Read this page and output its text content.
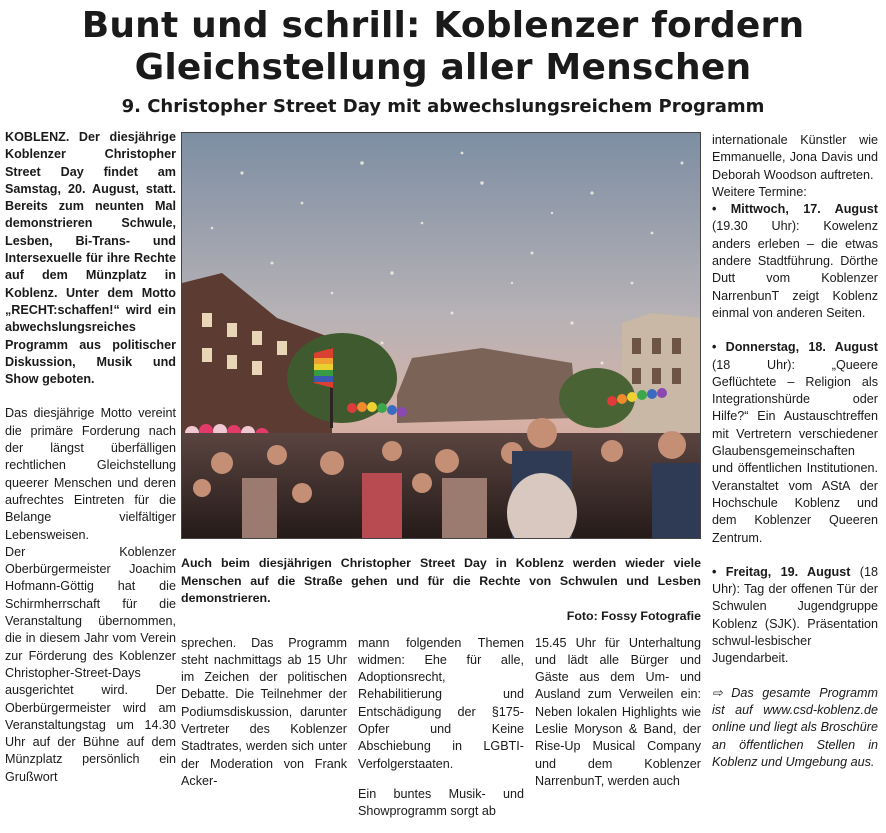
Bunt und schrill: Koblenzer fordern
Gleichstellung aller Menschen
9. Christopher Street Day mit abwechslungsreichem Programm

KOBLENZ. Der diesjährige Koblenzer Christopher Street Day findet am Samstag, 20. August, statt. Bereits zum neunten Mal demonstrieren Schwule, Lesben, Bi-Trans- und Intersexuelle für ihre Rechte auf dem Münzplatz in Koblenz. Unter dem Motto „RECHT:schaffen!“ wird ein abwechslungsreiches Programm aus politischer Diskussion, Musik und Show geboten.

Das diesjährige Motto vereint die primäre Forderung nach der längst überfälligen rechtlichen Gleichstellung queerer Menschen und deren aufrechtes Eintreten für die Belange vielfältiger Lebensweisen.

Der Koblenzer Oberbürgermeister Joachim Hofmann-Göttig hat die Schirmherrschaft für die Veranstaltung übernommen, die in diesem Jahr vom Verein zur Förderung des Koblenzer Christopher-Street-Days ausgerichtet wird. Der Oberbürgermeister wird am Veranstaltungstag um 14.30 Uhr auf der Bühne auf dem Münzplatz persönlich ein Grußwort

Auch beim diesjährigen Christopher Street Day in Koblenz werden wieder viele Menschen auf die Straße gehen und für die Rechte von Schwulen und Lesben demonstrieren.
Foto: Fossy Fotografie

sprechen. Das Programm steht nachmittags ab 15 Uhr im Zeichen der politischen Debatte. Die Teilnehmer der Podiumsdiskussion, darunter Vertreter des Koblenzer Stadtrates, werden sich unter der Moderation von Frank Acker-

mann folgenden Themen widmen: Ehe für alle, Adoptionsrecht, Rehabilitierung und Entschädigung der §175-Opfer und Keine Abschiebung in LGBTI-Verfolgerstaaten.

Ein buntes Musik- und Showprogramm sorgt ab

15.45 Uhr für Unterhaltung und lädt alle Bürger und Gäste aus dem Um- und Ausland zum Verweilen ein: Neben lokalen Highlights wie Leslie Moryson & Band, der Rise-Up Musical Company und dem Koblenzer NarrenbunT, werden auch

internationale Künstler wie Emmanuelle, Jona Davis und Deborah Woodson auftreten.

Weitere Termine:

• Mittwoch, 17. August (19.30 Uhr): Kowelenz anders erleben – die etwas andere Stadtführung. Dörthe Dutt vom Koblenzer NarrenbunT zeigt Koblenz einmal von anderen Seiten.

• Donnerstag, 18. August (18 Uhr): „Queere Geflüchtete – Religion als Integrationshürde oder Hilfe?“ Ein Austauschtreffen mit Vertretern verschiedener Glaubensgemeinschaften und öffentlichen Institutionen. Veranstaltet vom AStA der Hochschule Koblenz und dem Koblenzer Queeren Zentrum.

• Freitag, 19. August (18 Uhr): Tag der offenen Tür der Schwulen Jugendgruppe Koblenz (SJK). Präsentation schwul-lesbischer Jugendarbeit.

⇨ Das gesamte Programm ist auf www.csd-koblenz.de online und liegt als Broschüre an öffentlichen Stellen in Koblenz und Umgebung aus.
